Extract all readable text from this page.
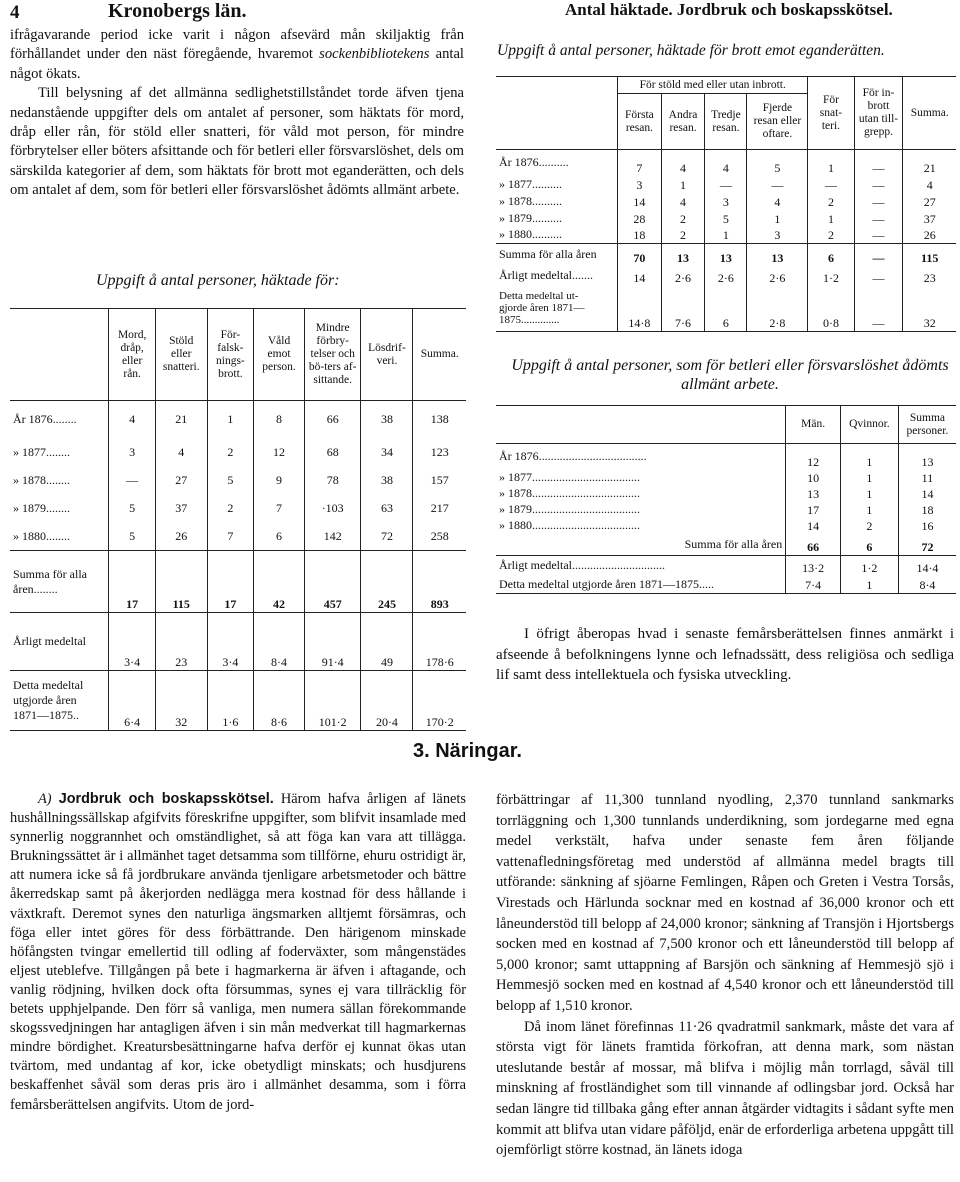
4	Kronobergs län.	Antal häktade. Jordbruk och boskapsskötsel.

ifrågavarande period icke varit i någon afsevärd mån skiljaktig från förhållandet under den näst föregående, hvaremot sockenbibliotekens antal något ökats.

Till belysning af det allmänna sedlighetstillståndet torde äfven tjena nedanstående uppgifter dels om antalet af personer, som häktats för mord, dråp eller rån, för stöld eller snatteri, för våld mot person, för mindre förbrytelser eller böters afsittande och för betleri eller försvarslöshet, dels om särskilda kategorier af dem, som häktats för brott mot eganderätten, och dels om antalet af dem, som för betleri eller försvarslöshet ådömts allmänt arbete.

Uppgift å antal personer, häktade för:
	Mord, dråp, eller rån.	Stöld eller snatteri.	För-falsk-nings-brott.	Våld emot person.	Mindre förbry-telser och bö-ters af-sittande.	Lösdrif-veri.	Summa.
År 1876........	4	21	1	8	66	38	138
» 1877........	3	4	2	12	68	34	123
» 1878........	—	27	5	9	78	38	157
» 1879........	5	37	2	7	·103	63	217
» 1880........	5	26	7	6	142	72	258
Summa för alla
åren........	17	115	17	42	457	245	893
Årligt medeltal	3·4	23	3·4	8·4	91·4	49	178·6
Detta medeltal
utgjorde åren
1871—1875..	6·4	32	1·6	8·6	101·2	20·4	170·2
Uppgift å antal personer, häktade för brott emot eganderätten.
	För stöld med eller utan inbrott.				För snat-teri.	För in-brott utan till-grepp.	Summa.
	Första resan.	Andra resan.	Tredje resan.	Fjerde resan eller oftare.			
År 1876..........	7	4	4	5	1	—	21
» 1877..........	3	1	—	—	—	—	4
» 1878..........	14	4	3	4	2	—	27
» 1879..........	28	2	5	1	1	—	37
» 1880..........	18	2	1	3	2	—	26
Summa för alla åren	70	13	13	13	6	—	115
Årligt medeltal.......	14	2·6	2·6	2·6	1·2	—	23
Detta medeltal ut-
gjorde åren 1871—
1875..............	14·8	7·6	6	2·8	0·8	—	32
Uppgift å antal personer, som för betleri eller försvarslöshet ådömts allmänt arbete.
	Män.	Qvinnor.	Summa personer.
År 1876....................................	12	1	13
» 1877....................................	10	1	11
» 1878....................................	13	1	14
» 1879....................................	17	1	18
» 1880....................................	14	2	16
Summa för alla åren	66	6	72
Årligt medeltal...............................	13·2	1·2	14·4
Detta medeltal utgjorde åren 1871—1875.....	7·4	1	8·4

I öfrigt åberopas hvad i senaste femårsberättelsen finnes anmärkt i afseende å befolkningens lynne och lefnadssätt, dess religiösa och sedliga lif samt dess intellektuela och fysiska utveckling.

3. Näringar.

A) Jordbruk och boskapsskötsel. Härom hafva årligen af länets hushållningssällskap afgifvits föreskrifne uppgifter, som blifvit insamlade med synnerlig noggrannhet och omständlighet, så att föga kan vara att tillägga. Brukningssättet är i allmänhet taget detsamma som tillförne, ehuru ostridigt är, att numera icke så få jordbrukare använda tjenligare arbetsmetoder och bättre åkerredskap samt på åkerjorden nedlägga mera kostnad för dess hållande i växtkraft. Deremot synes den naturliga ängsmarken alltjemt försämras, och föga eller intet göres för dess förbättrande. Den härigenom minskade höfångsten tvingar emellertid till odling af foderväxter, som mångenstädes eljest uteblefve. Tillgången på bete i hagmarkerna är äfven i aftagande, och vanlig rödjning, hvilken dock ofta försummas, synes ej vara tillräcklig för betets upphjelpande. Den förr så vanliga, men numera sällan förekommande skogssvedjningen har antagligen äfven i sin mån medverkat till hagmarkernas mindre bördighet. Kreatursbesättningarne hafva derför ej kunnat ökas utan tvärtom, med undantag af kor, icke obetydligt minskats; och husdjurens beskaffenhet såväl som deras pris äro i allmänhet desamma, som i förra femårsberättelsen angifvits. Utom de jord-

förbättringar af 11,300 tunnland nyodling, 2,370 tunnland sankmarks torrläggning och 1,300 tunnlands underdikning, som jordegarne med egna medel verkstält, hafva under senaste fem åren följande vattenafledningsföretag med understöd af allmänna medel bragts till utförande: sänkning af sjöarne Femlingen, Råpen och Greten i Vestra Torsås, Virestads och Härlunda socknar med en kostnad af 36,000 kronor och ett låneunderstöd till belopp af 24,000 kronor; sänkning af Transjön i Hjortsbergs socken med en kostnad af 7,500 kronor och ett låneunderstöd till belopp af 5,000 kronor; samt uttappning af Barsjön och sänkning af Hemmesjö sjö i Hemmesjö socken med en kostnad af 4,540 kronor och ett låneunderstöd till belopp af 1,510 kronor.

Då inom länet förefinnas 11·26 qvadratmil sankmark, måste det vara af största vigt för länets framtida förkofran, att denna mark, som nästan uteslutande består af mossar, må blifva i möjlig mån torrlagd, såväl till minskning af frostländighet som till vinnande af odlingsbar jord. Också har sedan längre tid tillbaka gång efter annan åtgärder vidtagits i sådant syfte men kommit att blifva utan vidare påföljd, enär de erforderliga arbetena uppgått till ojemförligt större kostnad, än länets idoga
